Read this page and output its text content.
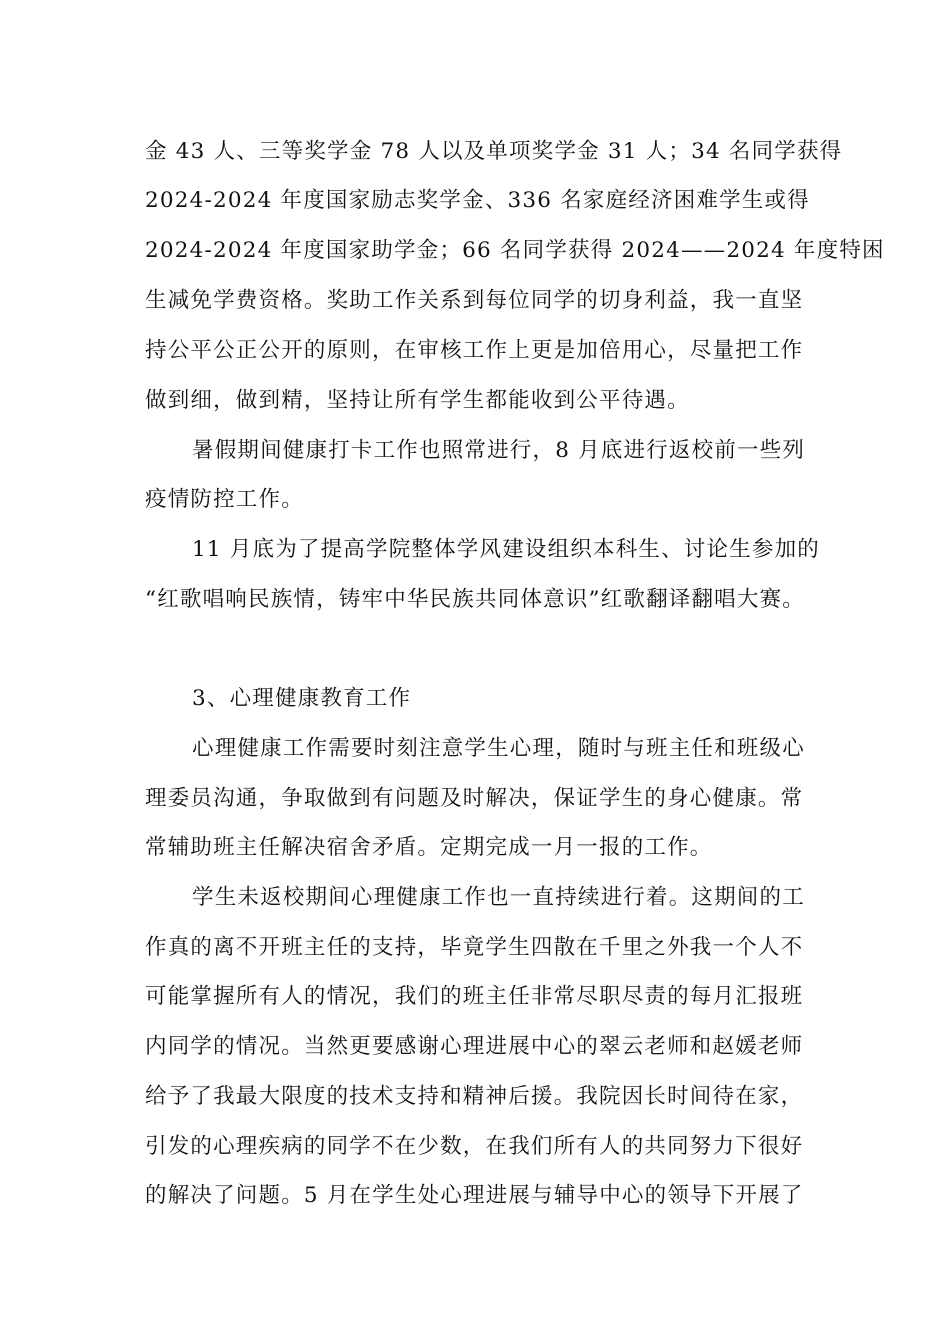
金 43 人、三等奖学金 78 人以及单项奖学金 31 人；34 名同学获得
2024-2024 年度国家励志奖学金、336 名家庭经济困难学生或得
2024-2024 年度国家助学金；66 名同学获得 2024——2024 年度特困
生减免学费资格。奖助工作关系到每位同学的切身利益，我一直坚
持公平公正公开的原则，在审核工作上更是加倍用心，尽量把工作
做到细，做到精，坚持让所有学生都能收到公平待遇。
暑假期间健康打卡工作也照常进行，8 月底进行返校前一些列
疫情防控工作。
11 月底为了提高学院整体学风建设组织本科生、讨论生参加的
“红歌唱响民族情，铸牢中华民族共同体意识”红歌翻译翻唱大赛。
3、心理健康教育工作
心理健康工作需要时刻注意学生心理，随时与班主任和班级心
理委员沟通，争取做到有问题及时解决，保证学生的身心健康。常
常辅助班主任解决宿舍矛盾。定期完成一月一报的工作。
学生未返校期间心理健康工作也一直持续进行着。这期间的工
作真的离不开班主任的支持，毕竟学生四散在千里之外我一个人不
可能掌握所有人的情况，我们的班主任非常尽职尽责的每月汇报班
内同学的情况。当然更要感谢心理进展中心的翠云老师和赵媛老师
给予了我最大限度的技术支持和精神后援。我院因长时间待在家，
引发的心理疾病的同学不在少数，在我们所有人的共同努力下很好
的解决了问题。5 月在学生处心理进展与辅导中心的领导下开展了
